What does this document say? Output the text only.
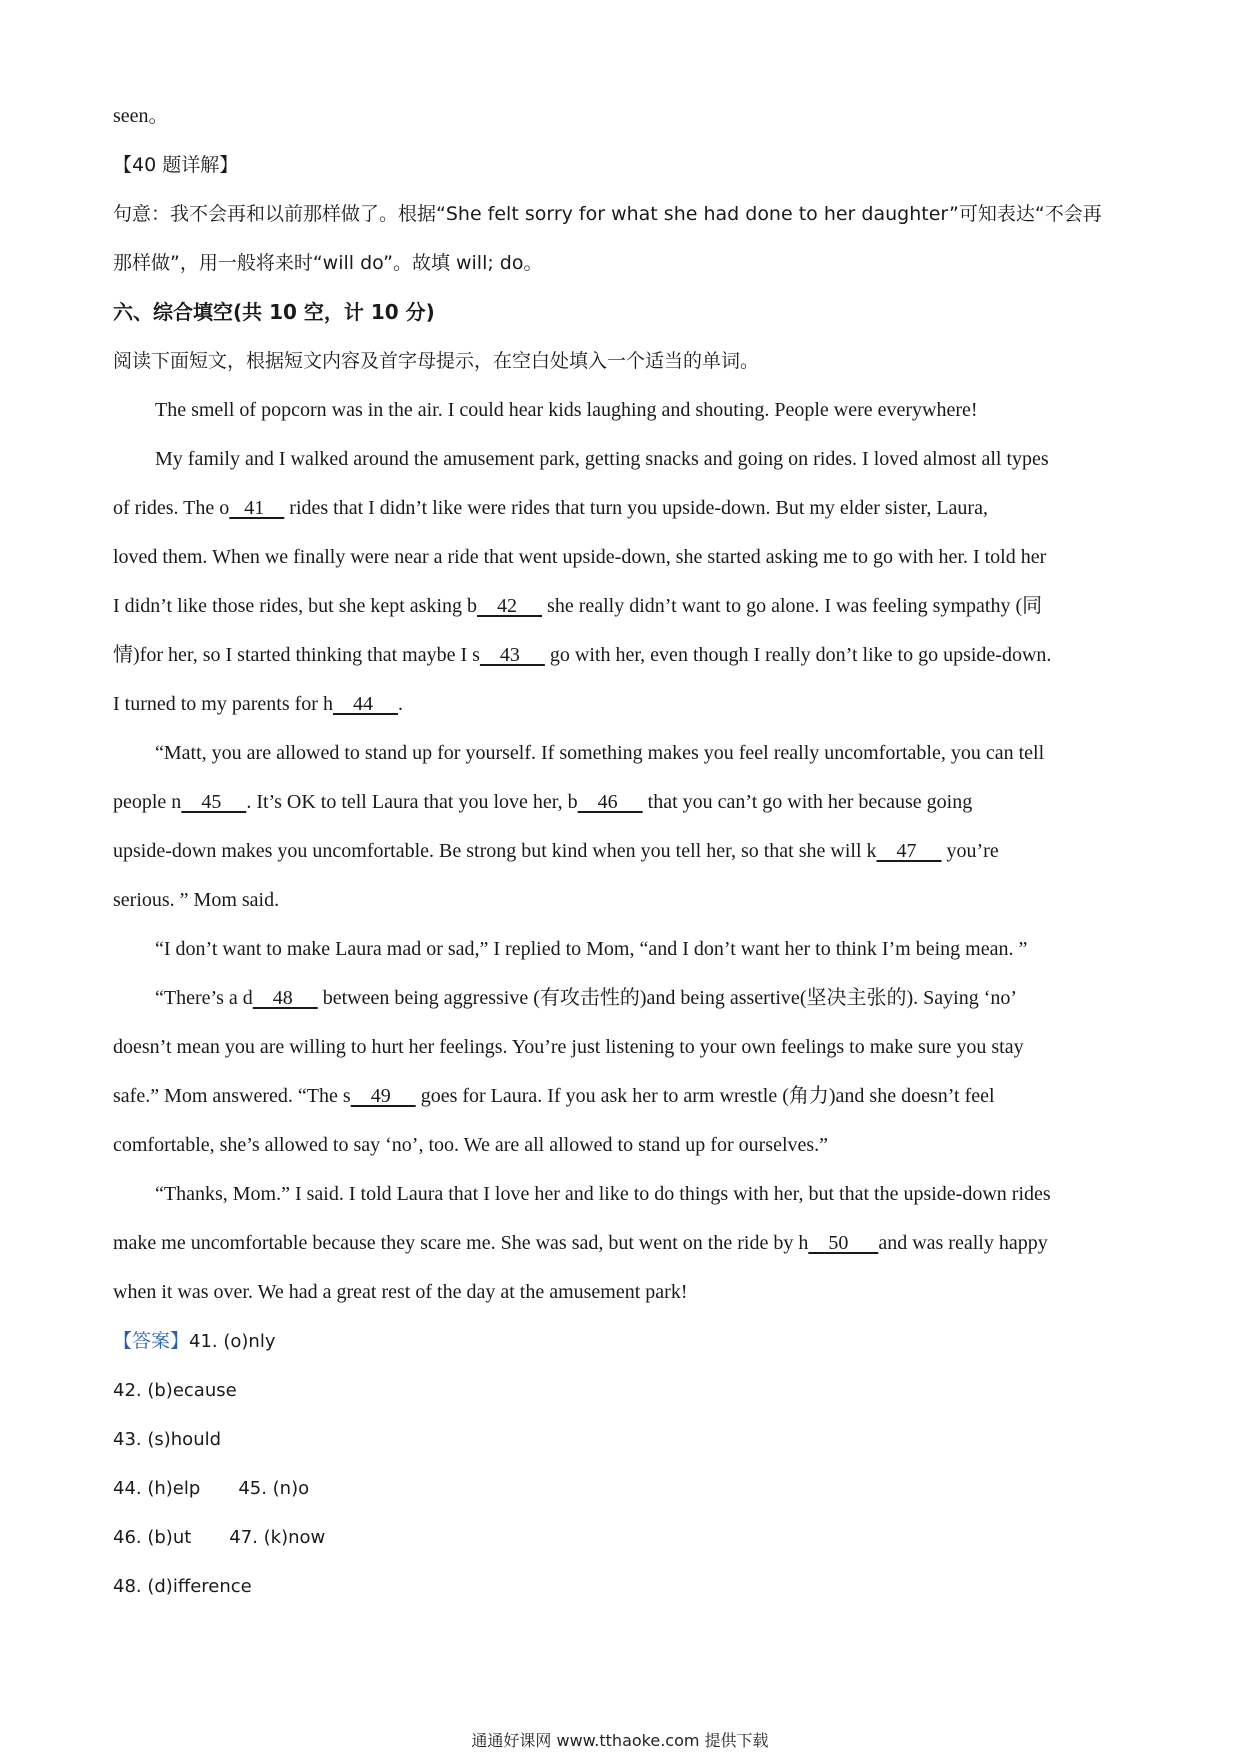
seen。
【40 题详解】
句意：我不会再和以前那样做了。根据“She felt sorry for what she had done to her daughter”可知表达“不会再
那样做”，用一般将来时“will do”。故填 will; do。
六、综合填空(共 10 空，计 10 分)
阅读下面短文，根据短文内容及首字母提示，在空白处填入一个适当的单词。
The smell of popcorn was in the air. I could hear kids laughing and shouting. People were everywhere!
My family and I walked around the amusement park, getting snacks and going on rides. I loved almost all types
of rides. The o   41     rides that I didn’t like were rides that turn you upside-down. But my elder sister, Laura,
loved them. When we finally were near a ride that went upside-down, she started asking me to go with her. I told her
I didn’t like those rides, but she kept asking b    42      she really didn’t want to go alone. I was feeling sympathy (同
情)for her, so I started thinking that maybe I s    43      go with her, even though I really don’t like to go upside-down.
I turned to my parents for h    44     .
“Matt, you are allowed to stand up for yourself. If something makes you feel really uncomfortable, you can tell
people n    45     . It’s OK to tell Laura that you love her, b    46      that you can’t go with her because going
upside-down makes you uncomfortable. Be strong but kind when you tell her, so that she will k    47      you’re
serious. ” Mom said.
“I don’t want to make Laura mad or sad,” I replied to Mom, “and I don’t want her to think I’m being mean. ”
“There’s a d    48      between being aggressive (有攻击性的)and being assertive(坚决主张的). Saying ‘no’
doesn’t mean you are willing to hurt her feelings. You’re just listening to your own feelings to make sure you stay
safe.” Mom answered. “The s    49      goes for Laura. If you ask her to arm wrestle (角力)and she doesn’t feel
comfortable, she’s allowed to say ‘no’, too. We are all allowed to stand up for ourselves.”
“Thanks, Mom.” I said. I told Laura that I love her and like to do things with her, but that the upside-down rides
make me uncomfortable because they scare me. She was sad, but went on the ride by h    50      and was really happy
when it was over. We had a great rest of the day at the amusement park!
【答案】41. (o)nly
42. (b)ecause
43. (s)hould
44. (h)elp 45. (n)o
46. (b)ut 47. (k)now
48. (d)ifference
通通好课网 www.tthaoke.com 提供下载
